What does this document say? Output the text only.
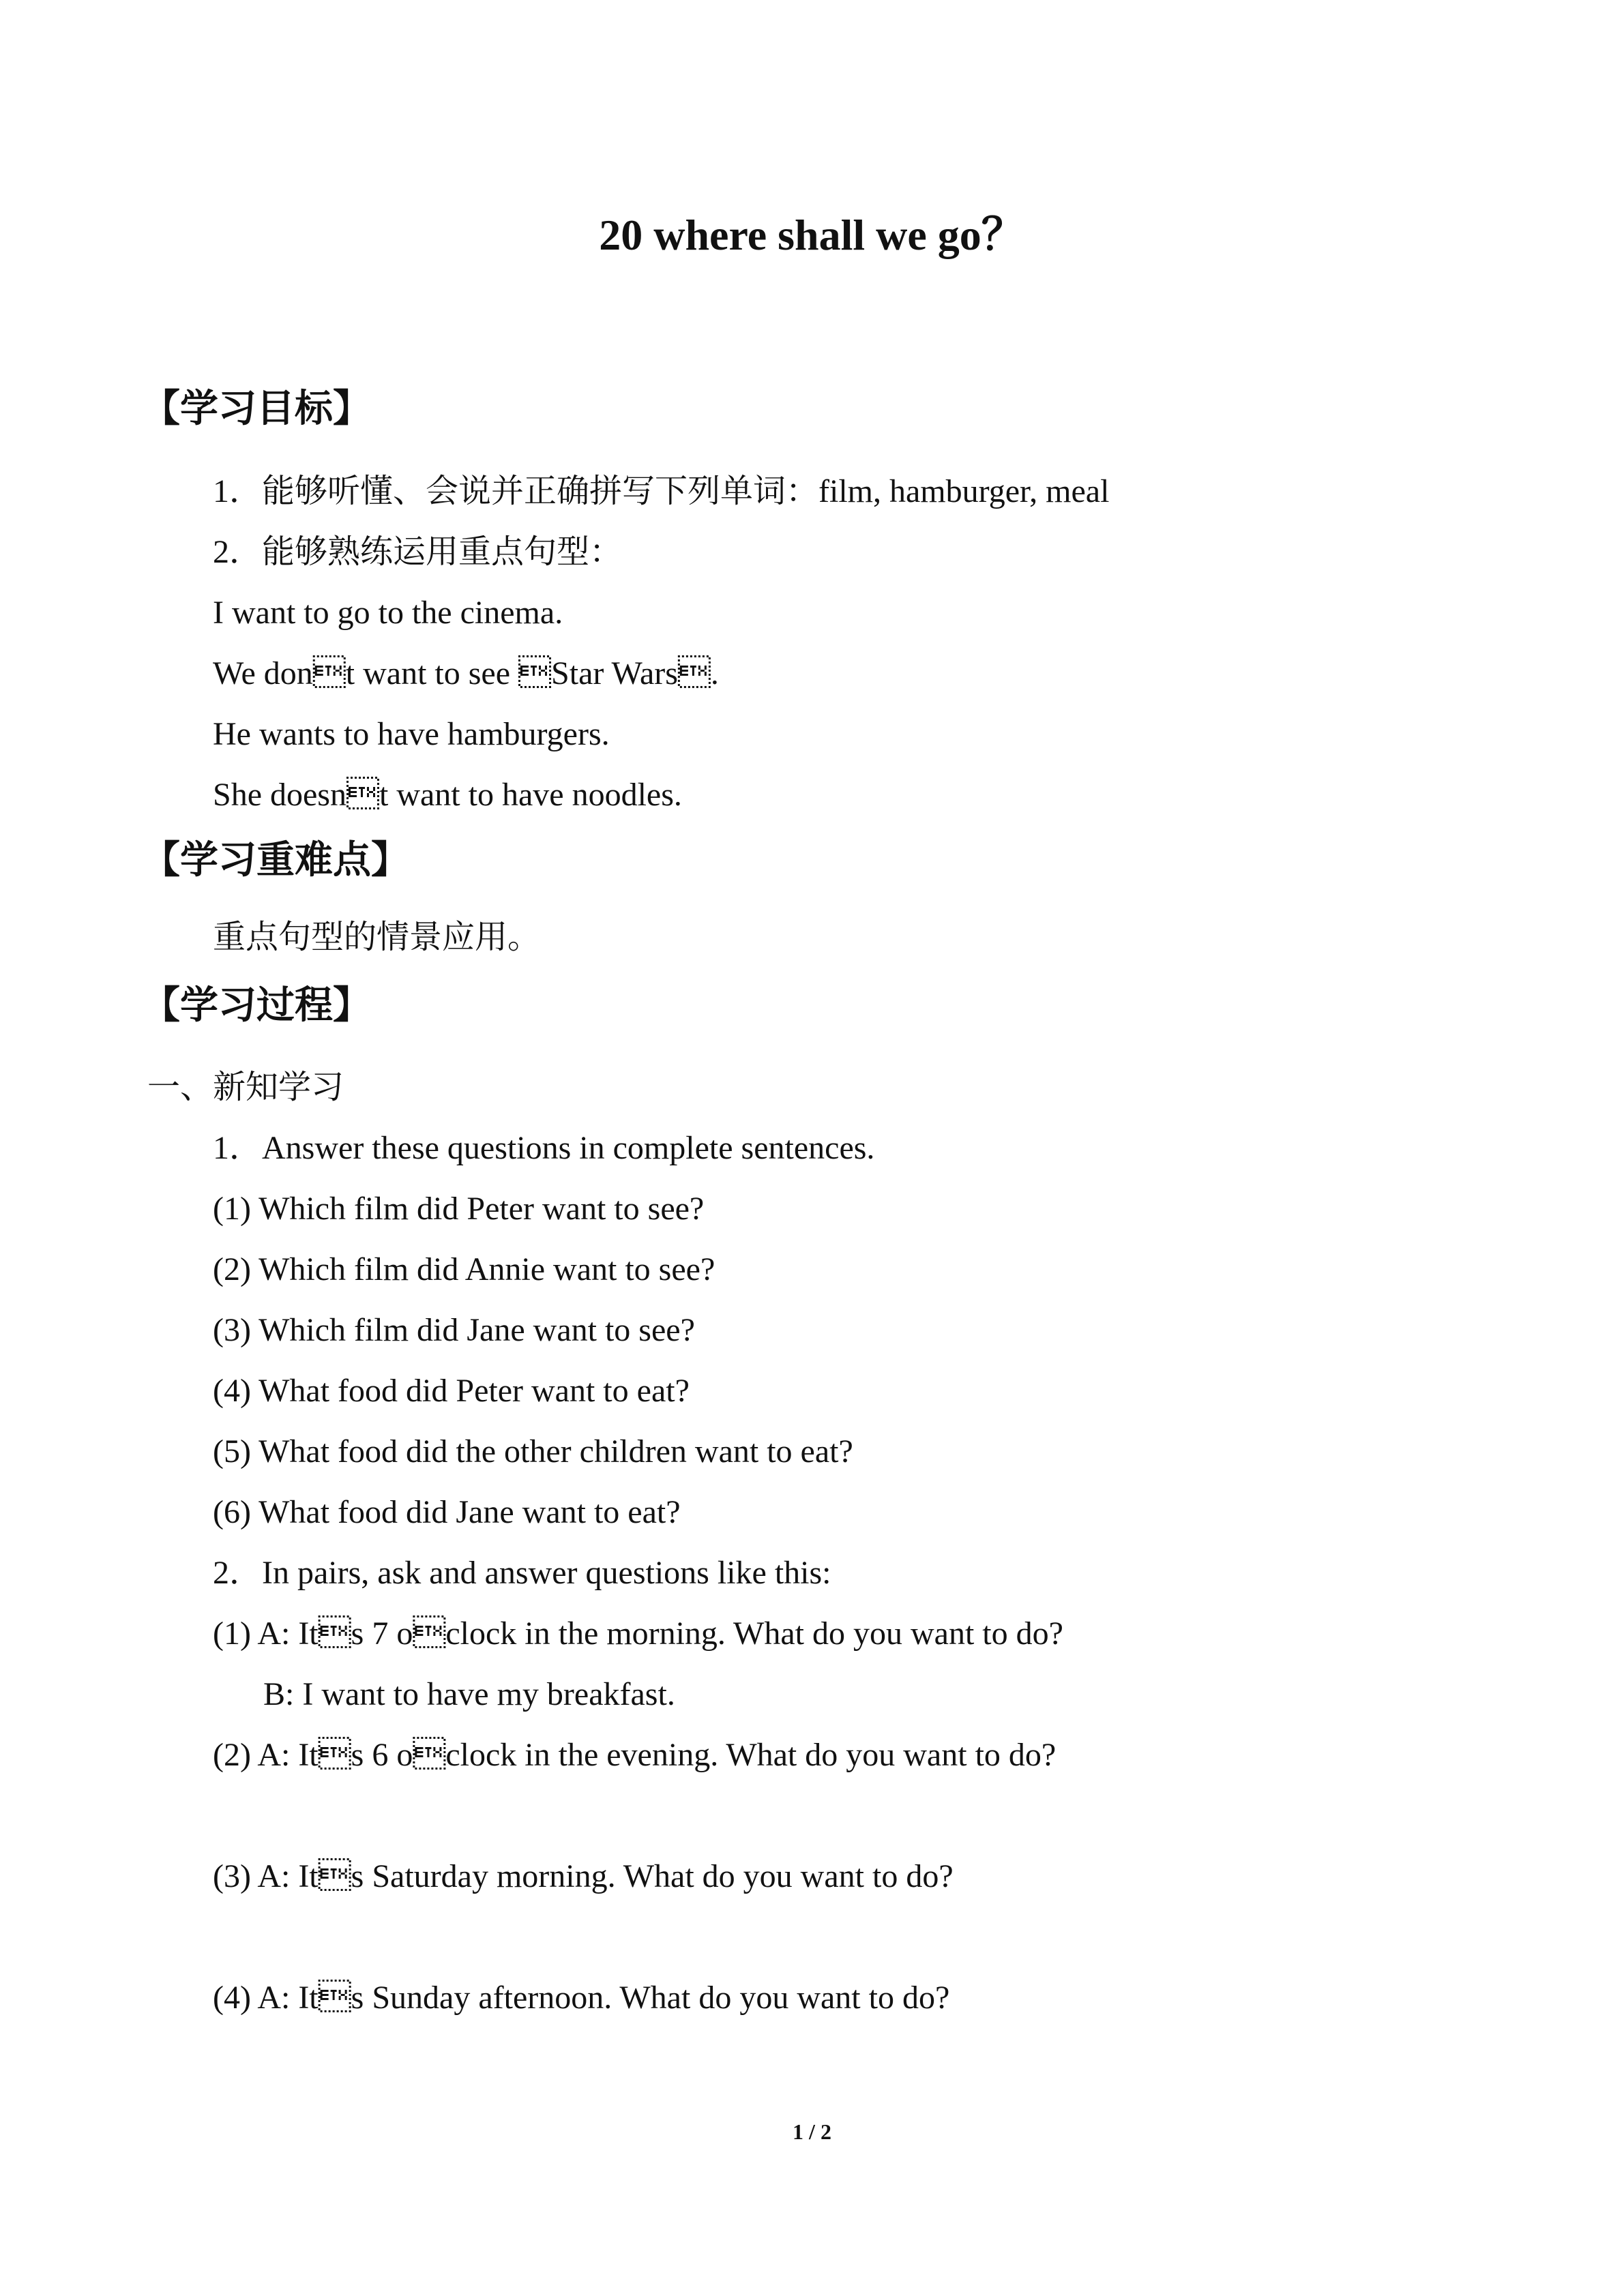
20 where shall we go？
【学习目标】
1．能够听懂、会说并正确拼写下列单词：film, hamburger, meal
2．能够熟练运用重点句型：
I want to go to the cinema.
We dont want to see Star Wars.
He wants to have hamburgers.
She doesnt want to have noodles.
【学习重难点】
重点句型的情景应用。
【学习过程】
一、新知学习
1．Answer these questions in complete sentences.
(1) Which film did Peter want to see?
(2) Which film did Annie want to see?
(3) Which film did Jane want to see?
(4) What food did Peter want to eat?
(5) What food did the other children want to eat?
(6) What food did Jane want to eat?
2．In pairs, ask and answer questions like this:
(1) A: Its 7 oclock in the morning. What do you want to do?
B: I want to have my breakfast.
(2) A: Its 6 oclock in the evening. What do you want to do?
(3) A: Its Saturday morning. What do you want to do?
(4) A: Its Sunday afternoon. What do you want to do?
1 / 2
